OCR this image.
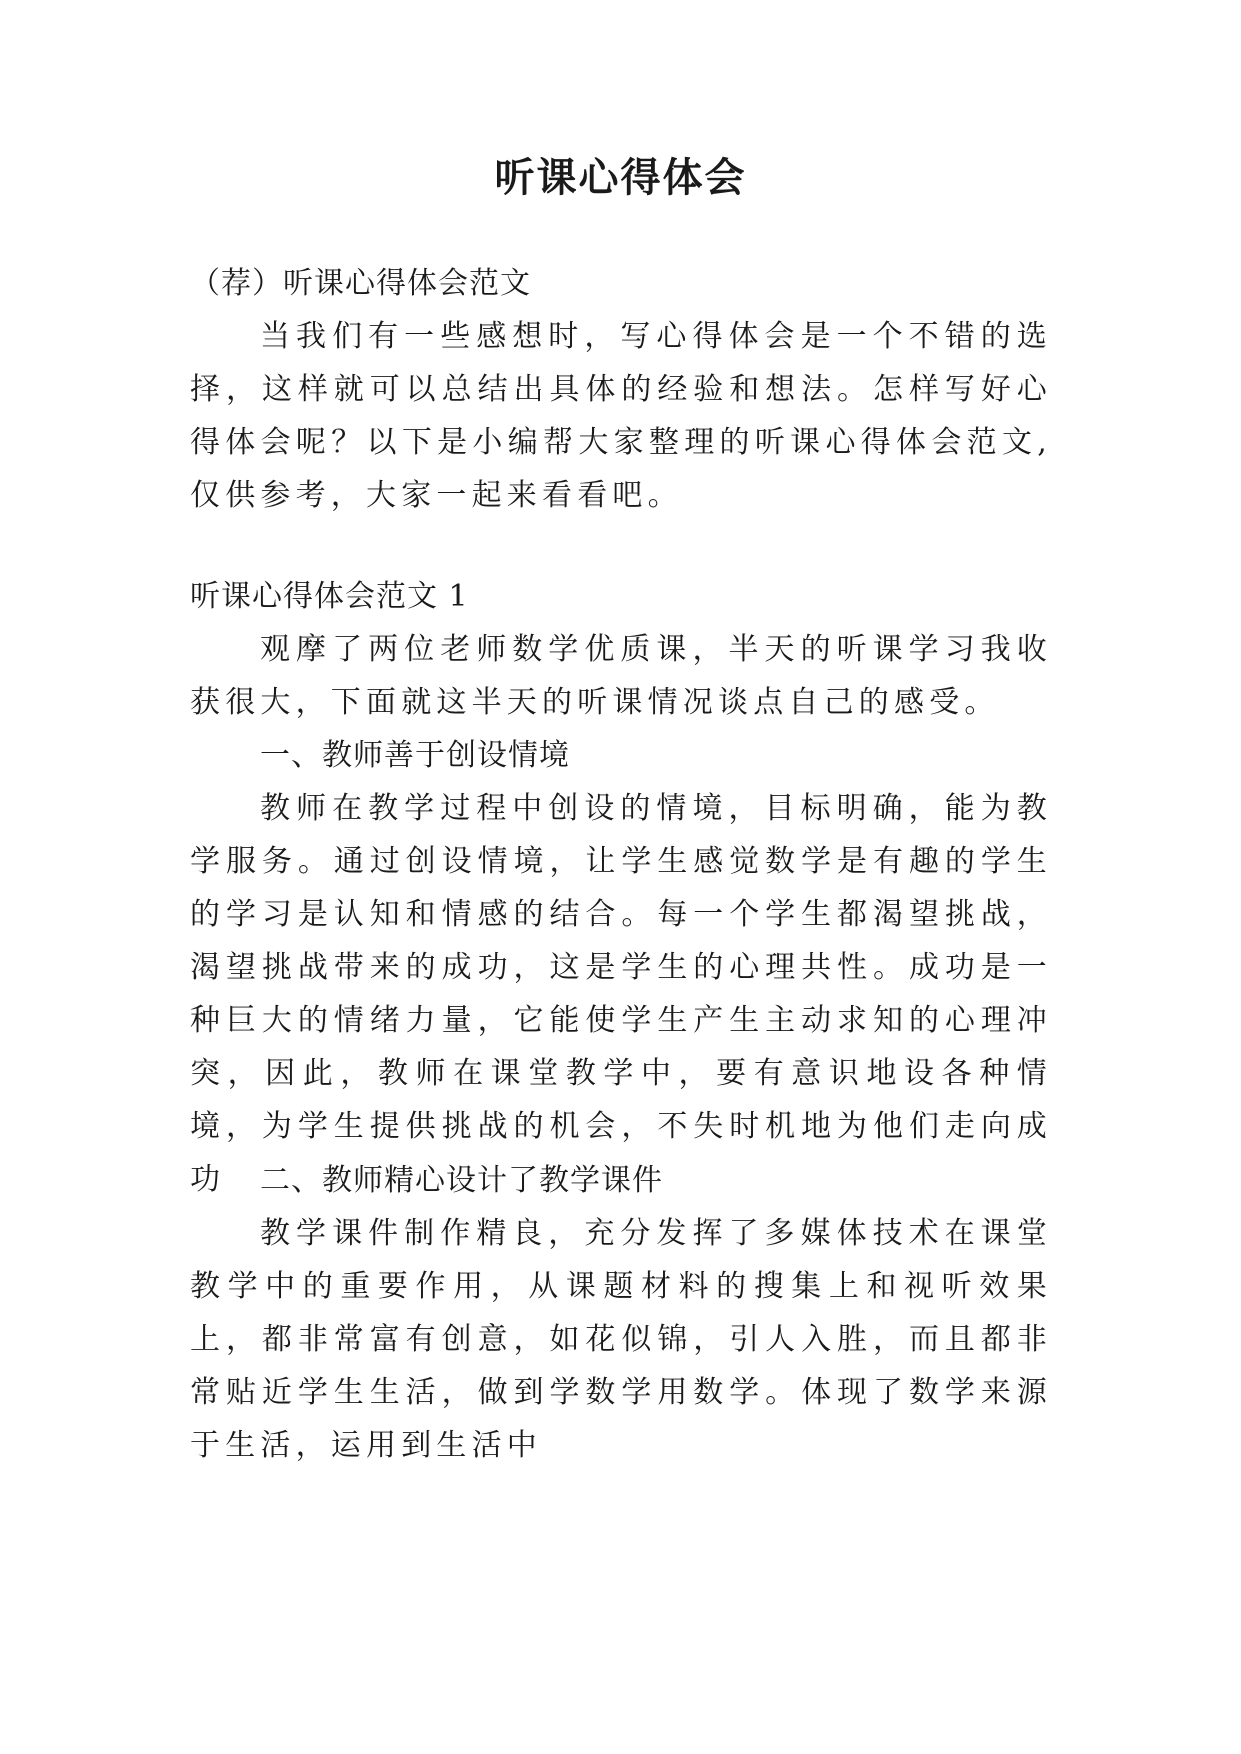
听课心得体会

（荐）听课心得体会范文

当我们有一些感想时，写心得体会是一个不错的选择，这样就可以总结出具体的经验和想法。怎样写好心得体会呢？以下是小编帮大家整理的听课心得体会范文,仅供参考，大家一起来看看吧。

听课心得体会范文 1

观摩了两位老师数学优质课，半天的听课学习我收获很大，下面就这半天的听课情况谈点自己的感受。

一、教师善于创设情境

教师在教学过程中创设的情境，目标明确，能为教学服务。通过创设情境，让学生感觉数学是有趣的学生的学习是认知和情感的结合。每一个学生都渴望挑战，渴望挑战带来的成功，这是学生的心理共性。成功是一种巨大的情绪力量，它能使学生产生主动求知的心理冲突，因此，教师在课堂教学中，要有意识地设各种情境，为学生提供挑战的机会，不失时机地为他们走向成功	二、教师精心设计了教学课件

教学课件制作精良，充分发挥了多媒体技术在课堂教学中的重要作用，从课题材料的搜集上和视听效果上，都非常富有创意，如花似锦，引人入胜，而且都非常贴近学生生活，做到学数学用数学。体现了数学来源于生活，运用到生活中
